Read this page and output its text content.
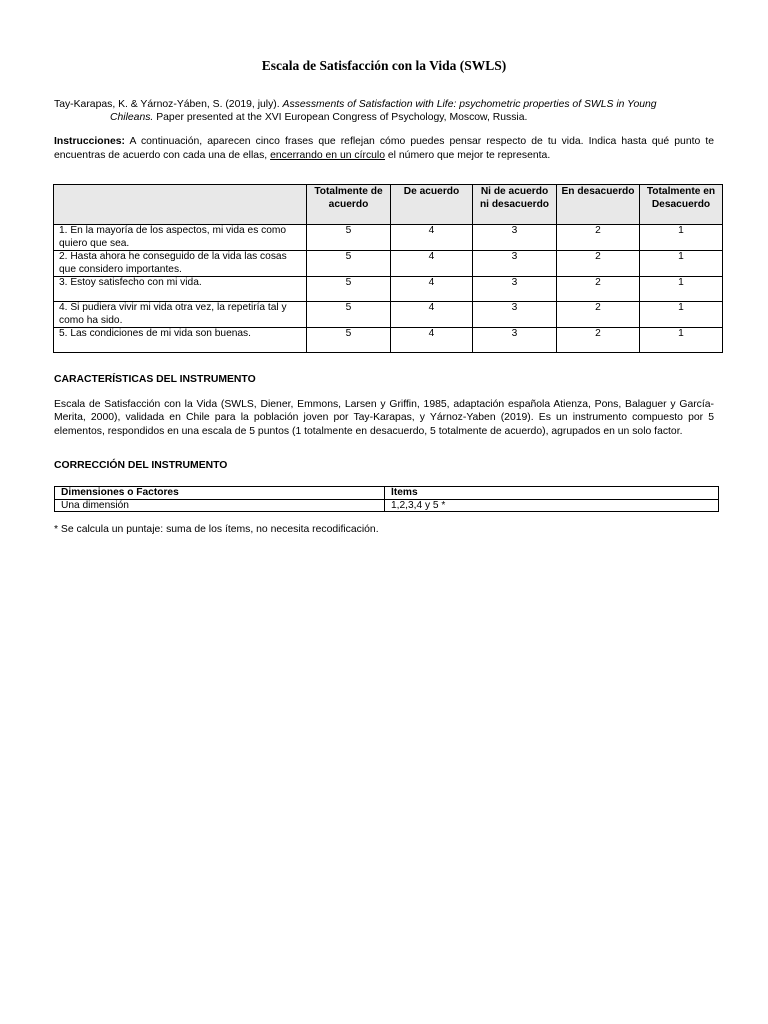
Escala de Satisfacción con la Vida (SWLS)
Tay-Karapas, K. & Yárnoz-Yáben, S. (2019, july). Assessments of Satisfaction with Life: psychometric properties of SWLS in Young
Chileans. Paper presented at the XVI European Congress of Psychology, Moscow, Russia.
Instrucciones: A continuación, aparecen cinco frases que reflejan cómo puedes pensar respecto de tu vida. Indica hasta qué punto te encuentras de acuerdo con cada una de ellas, encerrando en un círculo el número que mejor te representa.
	Totalmente de acuerdo	De acuerdo	Ni de acuerdo ni desacuerdo	En desacuerdo	Totalmente en Desacuerdo
1. En la mayoría de los aspectos, mi vida es como quiero que sea.	5	4	3	2	1
2. Hasta ahora he conseguido de la vida las cosas que considero importantes.	5	4	3	2	1
3. Estoy satisfecho con mi vida.	5	4	3	2	1
4. Si pudiera vivir mi vida otra vez, la repetiría tal y como ha sido.	5	4	3	2	1
5. Las condiciones de mi vida son buenas.	5	4	3	2	1
CARACTERÍSTICAS DEL INSTRUMENTO
Escala de Satisfacción con la Vida (SWLS, Diener, Emmons, Larsen y Griffin, 1985, adaptación española Atienza, Pons, Balaguer y García-Merita, 2000), validada en Chile para la población joven por Tay-Karapas, y Yárnoz-Yaben (2019). Es un instrumento compuesto por 5 elementos, respondidos en una escala de 5 puntos (1 totalmente en desacuerdo, 5 totalmente de acuerdo), agrupados en un solo factor.
CORRECCIÓN DEL INSTRUMENTO
Dimensiones o Factores	Ítems
Una dimensión	1,2,3,4 y 5 *
* Se calcula un puntaje: suma de los ítems, no necesita recodificación.
